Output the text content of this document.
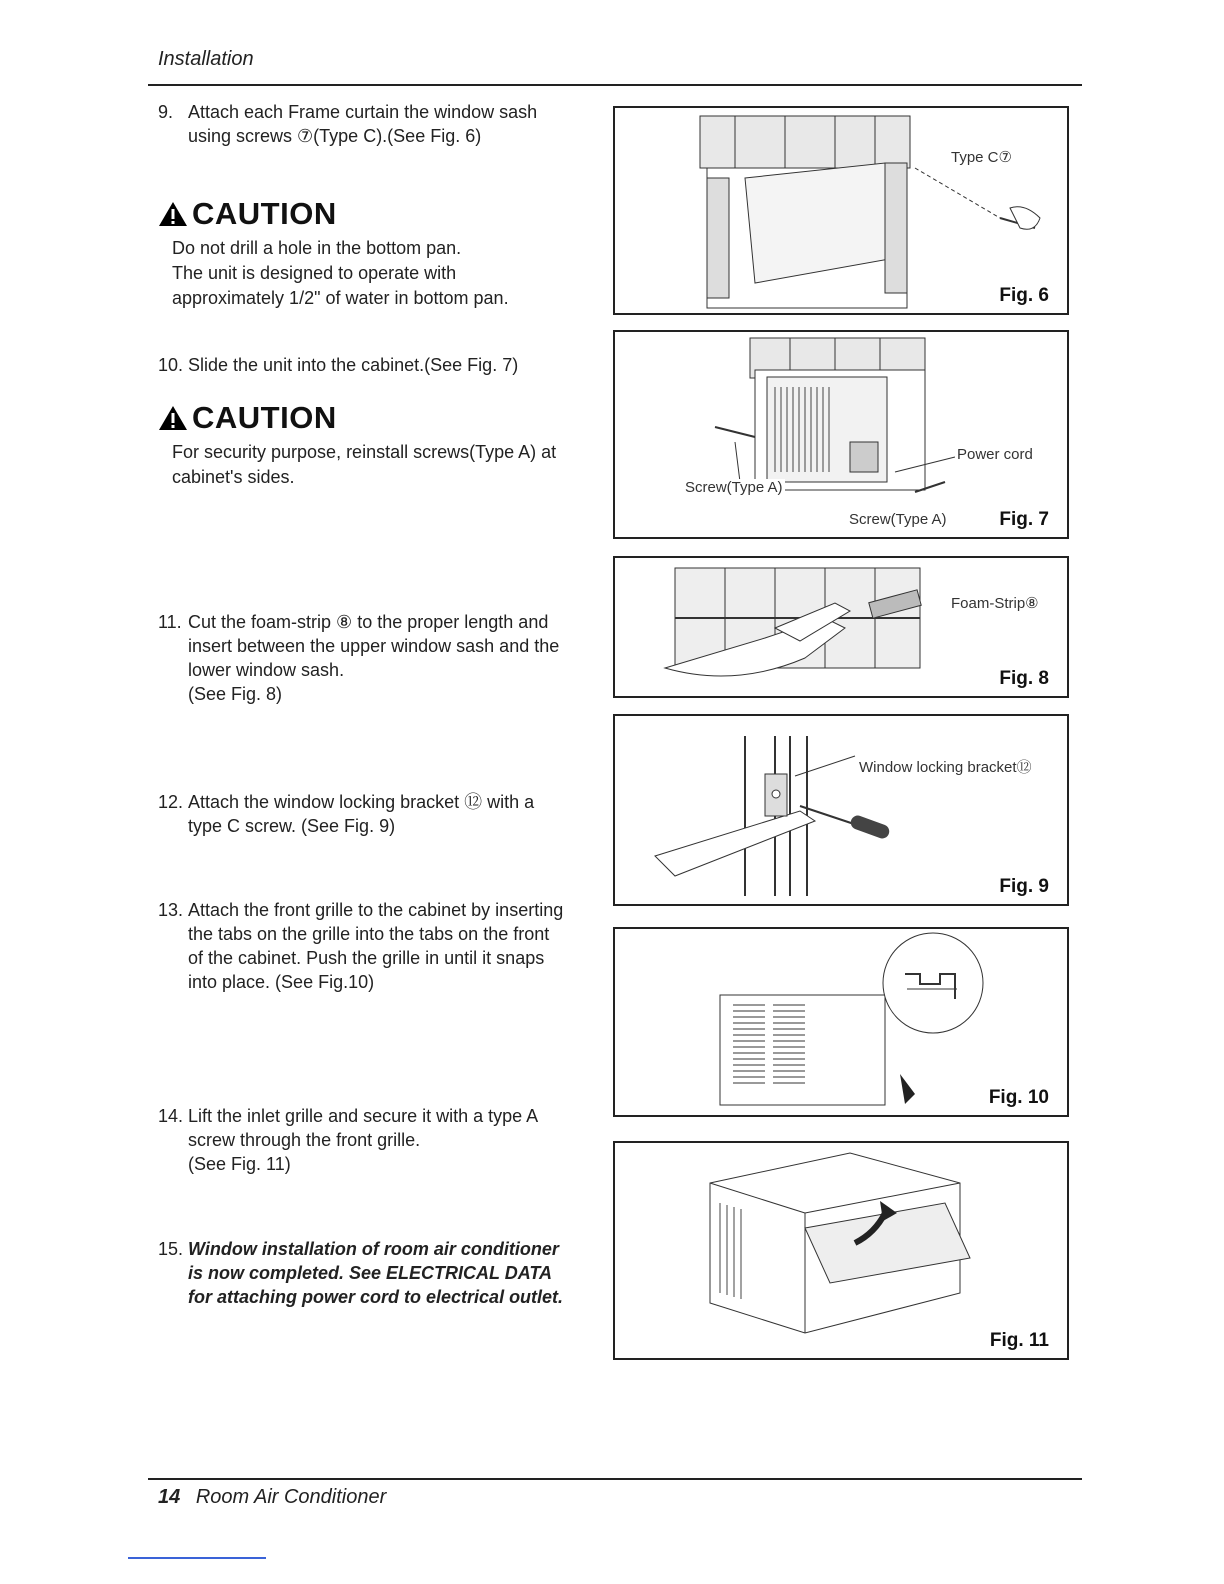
Installation
9. Attach each Frame curtain the window sash
using screws ⑦(Type C).(See Fig. 6)
CAUTION
Do not drill a hole in the bottom pan.
The unit is designed to operate with
approximately 1/2" of water in bottom pan.
10. Slide the unit into the cabinet.(See Fig. 7)
CAUTION
For security purpose, reinstall screws(Type A) at
cabinet's sides.
11. Cut the foam-strip ⑧ to the proper length and
insert between the upper window sash and the
lower window sash.
(See Fig. 8)
12. Attach the window locking bracket ⑫ with a
type C screw. (See Fig. 9)
13. Attach the front grille to the cabinet by inserting
the tabs on the grille into the tabs on the front
of the cabinet. Push the grille in until it snaps
into place. (See Fig.10)
14. Lift the inlet grille and secure it with a type A
screw through the front grille.
(See Fig. 11)
15. Window installation of room air conditioner
is now completed. See ELECTRICAL DATA
for attaching power cord to electrical outlet.
Type C⑦
Fig. 6
Power cord
Screw(Type A)
Screw(Type A)	Fig. 7
Foam-Strip⑧
Fig. 8
Window locking bracket⑫
Fig. 9
Fig. 10
Fig. 11
14 Room Air Conditioner
